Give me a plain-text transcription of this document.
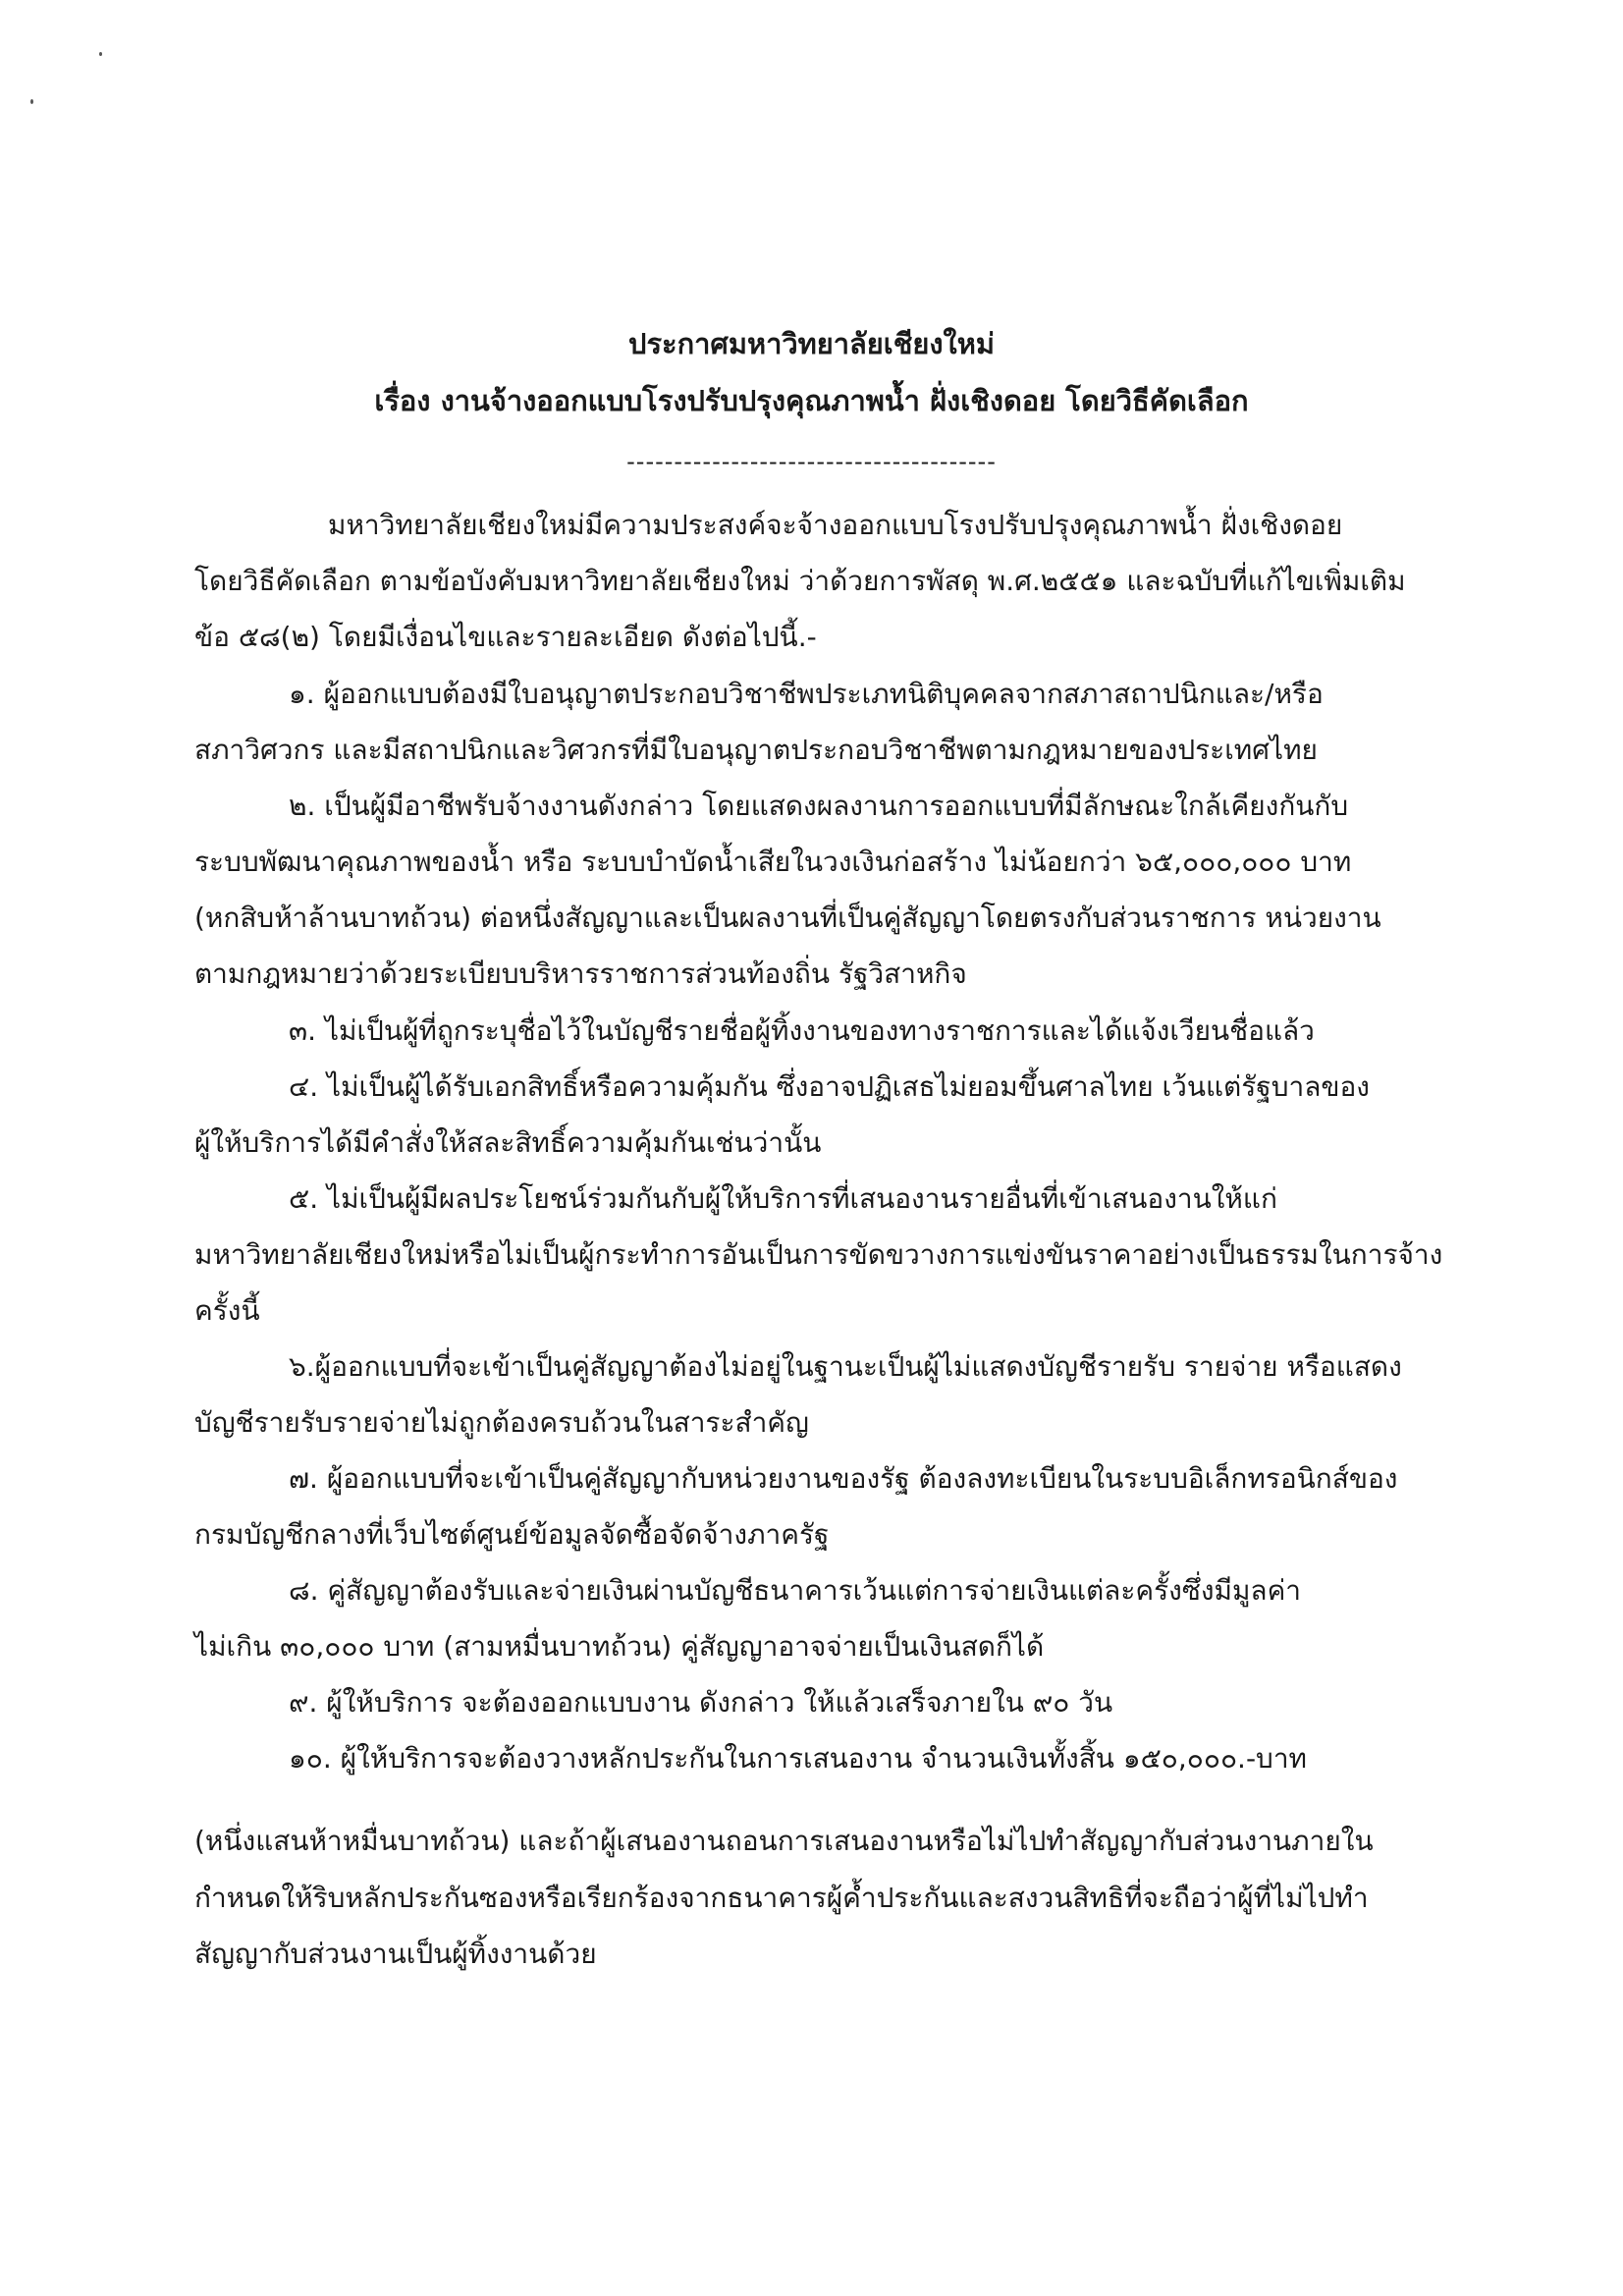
ประกาศมหาวิทยาลัยเชียงใหม่
เรื่อง งานจ้างออกแบบโรงปรับปรุงคุณภาพน้ำ ฝั่งเชิงดอย โดยวิธีคัดเลือก
---------------------------------------
มหาวิทยาลัยเชียงใหม่มีความประสงค์จะจ้างออกแบบโรงปรับปรุงคุณภาพน้ำ ฝั่งเชิงดอย
โดยวิธีคัดเลือก ตามข้อบังคับมหาวิทยาลัยเชียงใหม่ ว่าด้วยการพัสดุ พ.ศ.๒๕๕๑ และฉบับที่แก้ไขเพิ่มเติม
ข้อ ๕๘(๒) โดยมีเงื่อนไขและรายละเอียด ดังต่อไปนี้.-
๑. ผู้ออกแบบต้องมีใบอนุญาตประกอบวิชาชีพประเภทนิติบุคคลจากสภาสถาปนิกและ/หรือ
สภาวิศวกร และมีสถาปนิกและวิศวกรที่มีใบอนุญาตประกอบวิชาชีพตามกฎหมายของประเทศไทย
๒. เป็นผู้มีอาชีพรับจ้างงานดังกล่าว โดยแสดงผลงานการออกแบบที่มีลักษณะใกล้เคียงกันกับ
ระบบพัฒนาคุณภาพของน้ำ หรือ ระบบบำบัดน้ำเสียในวงเงินก่อสร้าง ไม่น้อยกว่า ๖๕,๐๐๐,๐๐๐ บาท
(หกสิบห้าล้านบาทถ้วน) ต่อหนึ่งสัญญาและเป็นผลงานที่เป็นคู่สัญญาโดยตรงกับส่วนราชการ หน่วยงาน
ตามกฎหมายว่าด้วยระเบียบบริหารราชการส่วนท้องถิ่น รัฐวิสาหกิจ
๓. ไม่เป็นผู้ที่ถูกระบุชื่อไว้ในบัญชีรายชื่อผู้ทิ้งงานของทางราชการและได้แจ้งเวียนชื่อแล้ว
๔. ไม่เป็นผู้ได้รับเอกสิทธิ์หรือความคุ้มกัน ซึ่งอาจปฏิเสธไม่ยอมขึ้นศาลไทย เว้นแต่รัฐบาลของ
ผู้ให้บริการได้มีคำสั่งให้สละสิทธิ์ความคุ้มกันเช่นว่านั้น
๕. ไม่เป็นผู้มีผลประโยชน์ร่วมกันกับผู้ให้บริการที่เสนองานรายอื่นที่เข้าเสนองานให้แก่
มหาวิทยาลัยเชียงใหม่หรือไม่เป็นผู้กระทำการอันเป็นการขัดขวางการแข่งขันราคาอย่างเป็นธรรมในการจ้าง
ครั้งนี้
๖.ผู้ออกแบบที่จะเข้าเป็นคู่สัญญาต้องไม่อยู่ในฐานะเป็นผู้ไม่แสดงบัญชีรายรับ รายจ่าย หรือแสดง
บัญชีรายรับรายจ่ายไม่ถูกต้องครบถ้วนในสาระสำคัญ
๗. ผู้ออกแบบที่จะเข้าเป็นคู่สัญญากับหน่วยงานของรัฐ ต้องลงทะเบียนในระบบอิเล็กทรอนิกส์ของ
กรมบัญชีกลางที่เว็บไซต์ศูนย์ข้อมูลจัดซื้อจัดจ้างภาครัฐ
๘. คู่สัญญาต้องรับและจ่ายเงินผ่านบัญชีธนาคารเว้นแต่การจ่ายเงินแต่ละครั้งซึ่งมีมูลค่า
ไม่เกิน ๓๐,๐๐๐ บาท (สามหมื่นบาทถ้วน) คู่สัญญาอาจจ่ายเป็นเงินสดก็ได้
๙. ผู้ให้บริการ จะต้องออกแบบงาน ดังกล่าว ให้แล้วเสร็จภายใน ๙๐ วัน
๑๐. ผู้ให้บริการจะต้องวางหลักประกันในการเสนองาน จำนวนเงินทั้งสิ้น ๑๕๐,๐๐๐.-บาท
(หนึ่งแสนห้าหมื่นบาทถ้วน) และถ้าผู้เสนองานถอนการเสนองานหรือไม่ไปทำสัญญากับส่วนงานภายใน
กำหนดให้ริบหลักประกันซองหรือเรียกร้องจากธนาคารผู้ค้ำประกันและสงวนสิทธิที่จะถือว่าผู้ที่ไม่ไปทำ
สัญญากับส่วนงานเป็นผู้ทิ้งงานด้วย
